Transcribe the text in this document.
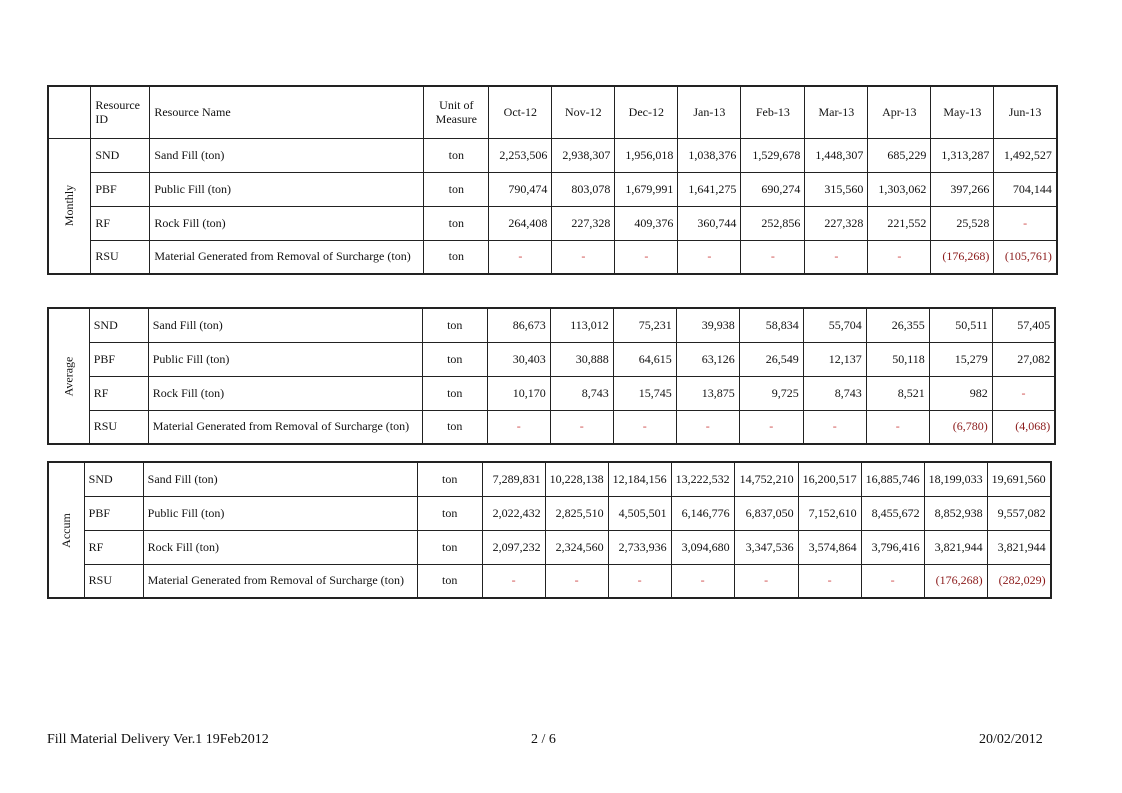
	Resource ID	Resource Name	Unit of Measure	Oct-12	Nov-12	Dec-12	Jan-13	Feb-13	Mar-13	Apr-13	May-13	Jun-13
Monthly	SND	Sand Fill (ton)	ton	2,253,506	2,938,307	1,956,018	1,038,376	1,529,678	1,448,307	685,229	1,313,287	1,492,527
	PBF	Public Fill (ton)	ton	790,474	803,078	1,679,991	1,641,275	690,274	315,560	1,303,062	397,266	704,144
	RF	Rock Fill (ton)	ton	264,408	227,328	409,376	360,744	252,856	227,328	221,552	25,528	-
	RSU	Material Generated from Removal of Surcharge (ton)	ton	-	-	-	-	-	-	-	(176,268)	(105,761)
Average	SND	Sand Fill (ton)	ton	86,673	113,012	75,231	39,938	58,834	55,704	26,355	50,511	57,405
	PBF	Public Fill (ton)	ton	30,403	30,888	64,615	63,126	26,549	12,137	50,118	15,279	27,082
	RF	Rock Fill (ton)	ton	10,170	8,743	15,745	13,875	9,725	8,743	8,521	982	-
	RSU	Material Generated from Removal of Surcharge (ton)	ton	-	-	-	-	-	-	-	(6,780)	(4,068)
Accum	SND	Sand Fill (ton)	ton	7,289,831	10,228,138	12,184,156	13,222,532	14,752,210	16,200,517	16,885,746	18,199,033	19,691,560
	PBF	Public Fill (ton)	ton	2,022,432	2,825,510	4,505,501	6,146,776	6,837,050	7,152,610	8,455,672	8,852,938	9,557,082
	RF	Rock Fill (ton)	ton	2,097,232	2,324,560	2,733,936	3,094,680	3,347,536	3,574,864	3,796,416	3,821,944	3,821,944
	RSU	Material Generated from Removal of Surcharge (ton)	ton	-	-	-	-	-	-	-	(176,268)	(282,029)
Fill Material Delivery Ver.1 19Feb2012	2 / 6	20/02/2012
